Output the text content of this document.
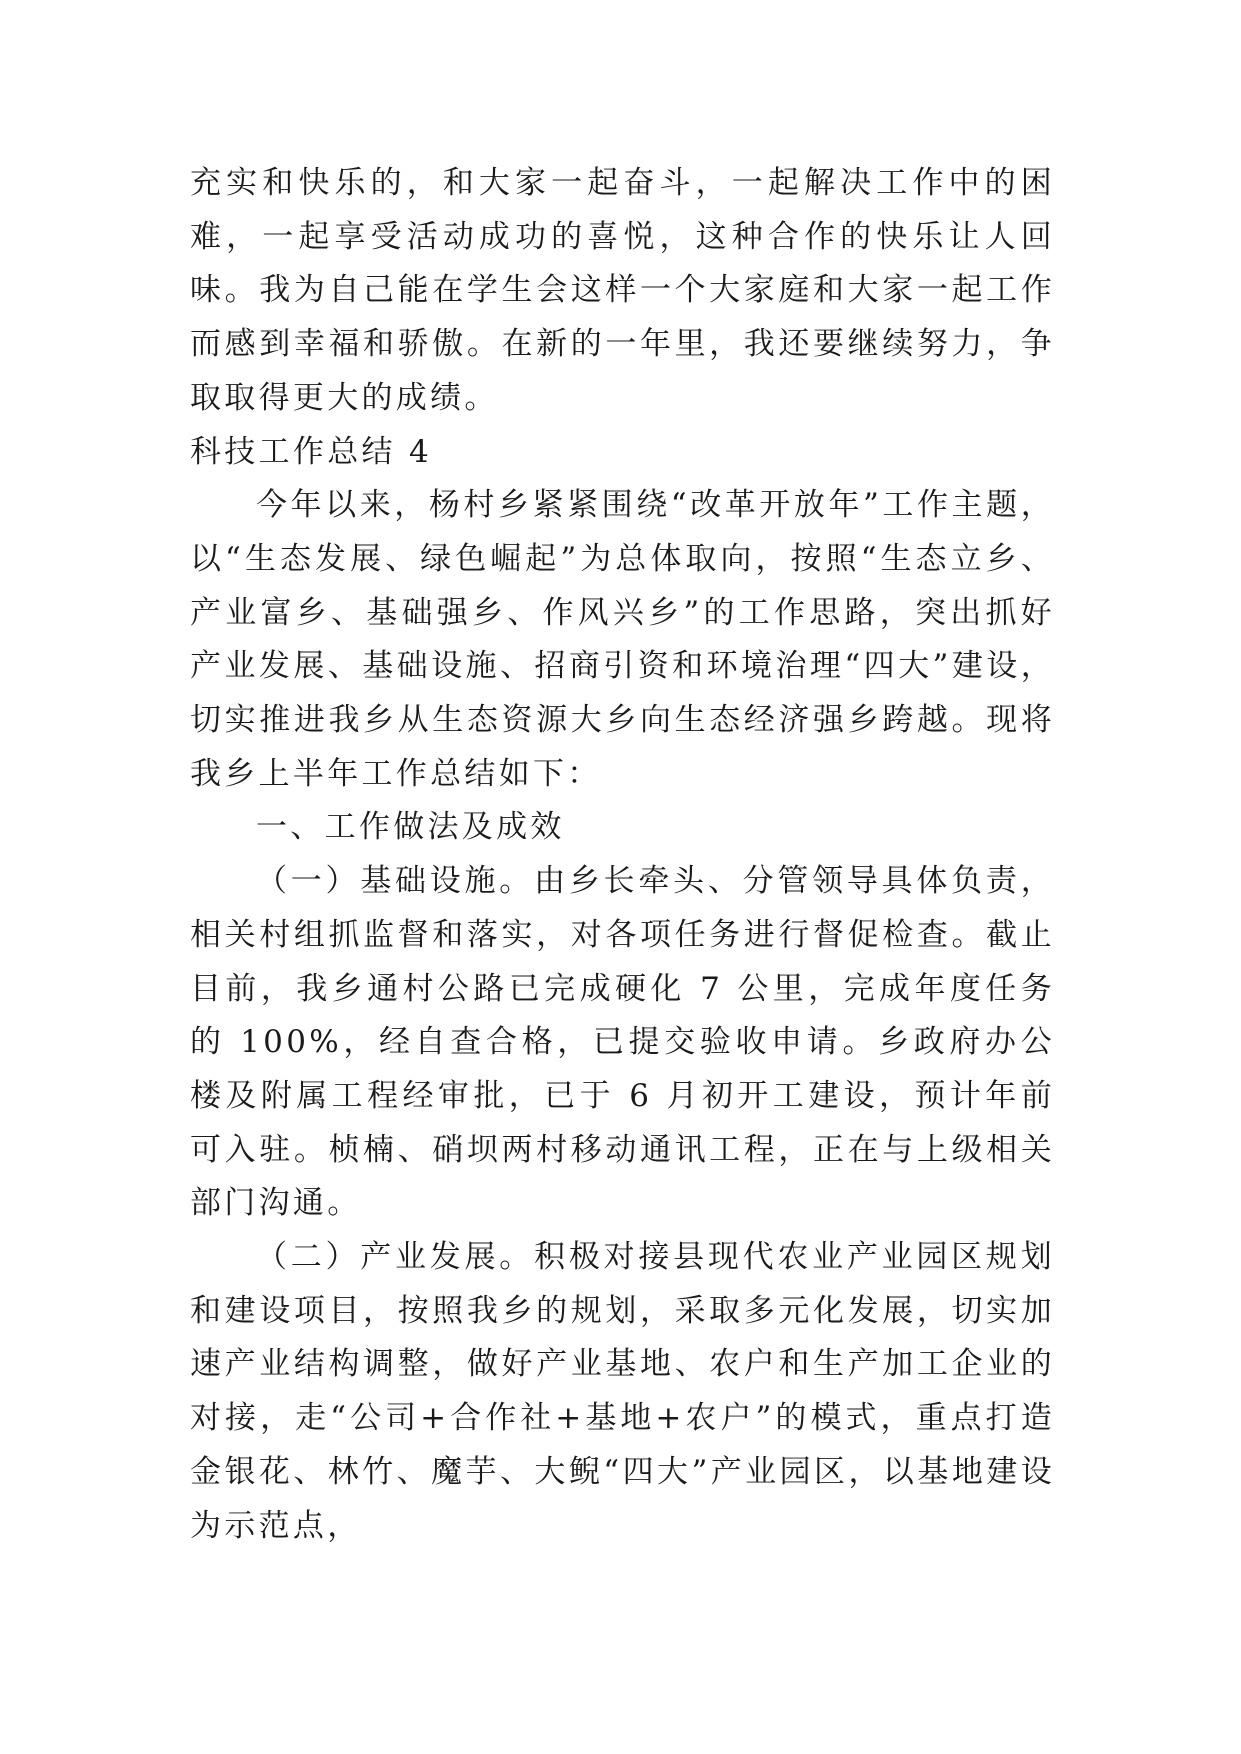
充实和快乐的，和大家一起奋斗，一起解决工作中的困难，一起享受活动成功的喜悦，这种合作的快乐让人回味。我为自己能在学生会这样一个大家庭和大家一起工作而感到幸福和骄傲。在新的一年里，我还要继续努力，争取取得更大的成绩。

科技工作总结 4

今年以来，杨村乡紧紧围绕“改革开放年”工作主题，以“生态发展、绿色崛起”为总体取向，按照“生态立乡、产业富乡、基础强乡、作风兴乡”的工作思路，突出抓好产业发展、基础设施、招商引资和环境治理“四大”建设，切实推进我乡从生态资源大乡向生态经济强乡跨越。现将我乡上半年工作总结如下：

一、工作做法及成效

（一）基础设施。由乡长牵头、分管领导具体负责，相关村组抓监督和落实，对各项任务进行督促检查。截止目前，我乡通村公路已完成硬化 7 公里，完成年度任务的 100%，经自查合格，已提交验收申请。乡政府办公楼及附属工程经审批，已于 6 月初开工建设，预计年前可入驻。桢楠、硝坝两村移动通讯工程，正在与上级相关部门沟通。

（二）产业发展。积极对接县现代农业产业园区规划和建设项目，按照我乡的规划，采取多元化发展，切实加速产业结构调整，做好产业基地、农户和生产加工企业的对接，走“公司+合作社+基地+农户”的模式，重点打造金银花、林竹、魔芋、大鲵“四大”产业园区，以基地建设为示范点，
